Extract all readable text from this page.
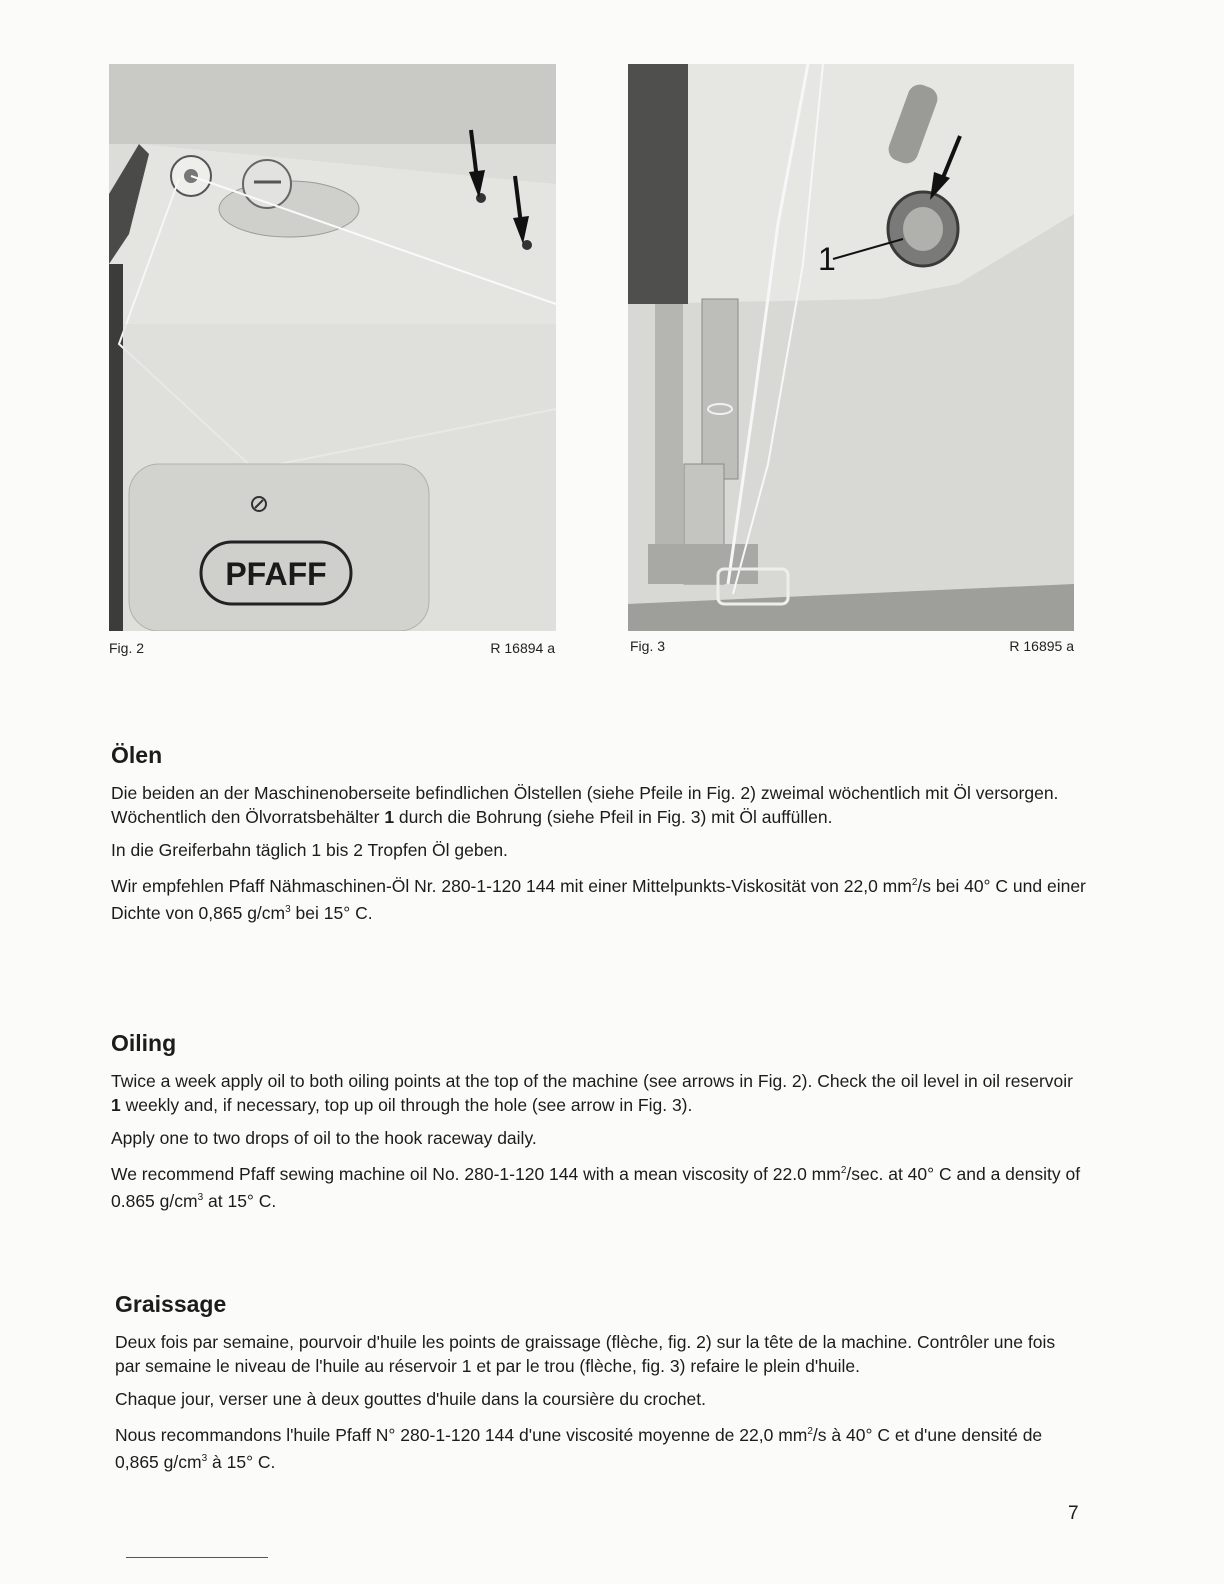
PFAFF
Fig. 2	R 16894 a
1
Fig. 3	R 16895 a
Ölen

Die beiden an der Maschinenoberseite befindlichen Ölstellen (siehe Pfeile in Fig. 2) zweimal wöchentlich mit Öl versorgen. Wöchentlich den Ölvorratsbehälter 1 durch die Bohrung (siehe Pfeil in Fig. 3) mit Öl auffüllen.

In die Greiferbahn täglich 1 bis 2 Tropfen Öl geben.

Wir empfehlen Pfaff Nähmaschinen-Öl Nr. 280-1-120 144 mit einer Mittelpunkts-Viskosität von 22,0 $mm^2/s$ bei 40° C und einer Dichte von 0,865 $g/cm^3$ bei 15° C.

Oiling

Twice a week apply oil to both oiling points at the top of the machine (see arrows in Fig. 2). Check the oil level in oil reservoir 1 weekly and, if necessary, top up oil through the hole (see arrow in Fig. 3).

Apply one to two drops of oil to the hook raceway daily.

We recommend Pfaff sewing machine oil No. 280-1-120 144 with a mean viscosity of 22.0 $mm^2/\sec$. at 40° C and a density of 0.865 $g/cm^3$ at 15° C.

Graissage

Deux fois par semaine, pourvoir d'huile les points de graissage (flèche, fig. 2) sur la tête de la machine. Contrôler une fois par semaine le niveau de l'huile au réservoir 1 et par le trou (flèche, fig. 3) refaire le plein d'huile.

Chaque jour, verser une à deux gouttes d'huile dans la coursière du crochet.

Nous recommandons l'huile Pfaff N° 280-1-120 144 d'une viscosité moyenne de 22,0 $mm^2/s$ à 40° C et d'une densité de 0,865 $g/cm^3$ à 15° C.

7
